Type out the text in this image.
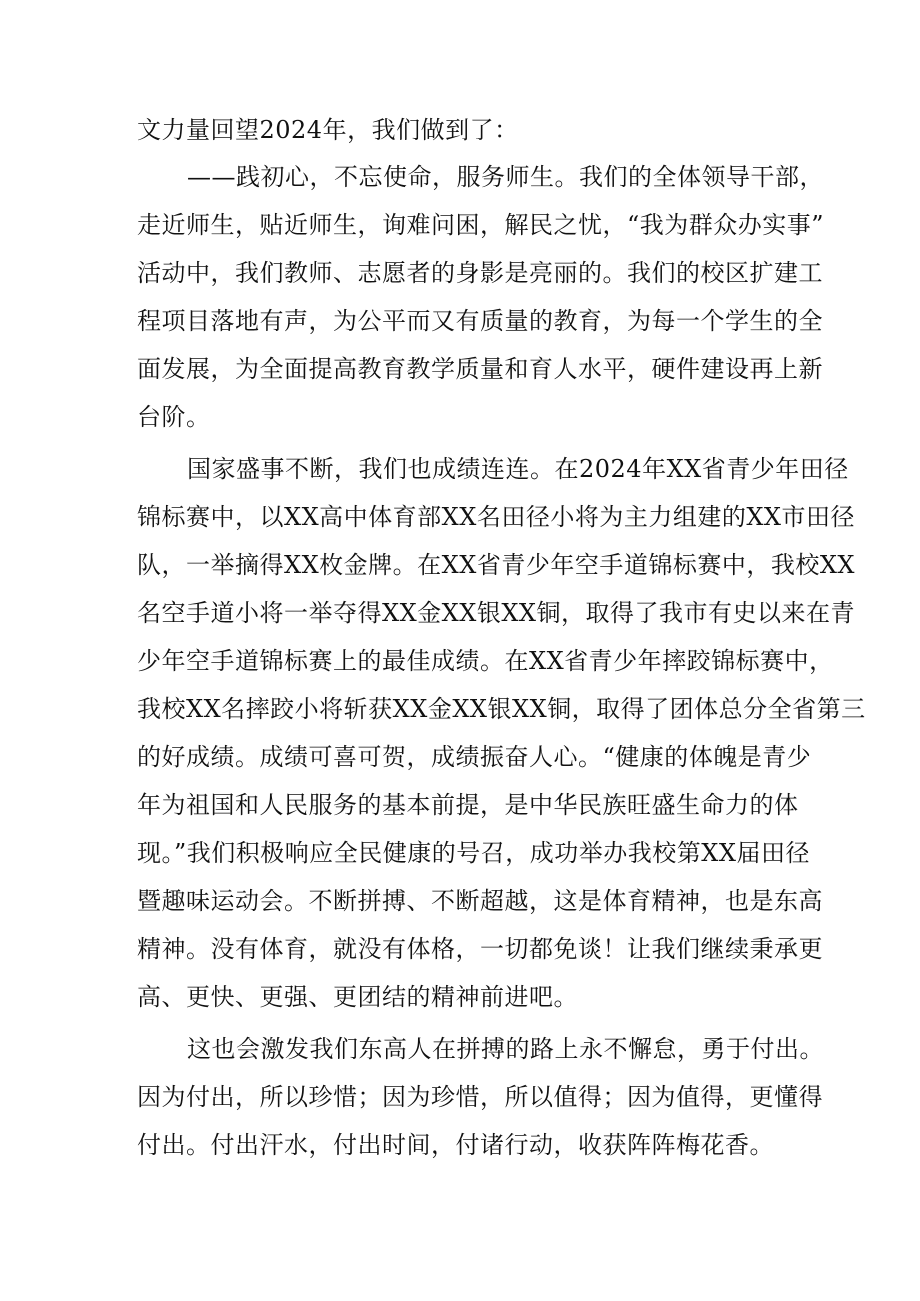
文力量回望2024年，我们做到了：
——践初心，不忘使命，服务师生。我们的全体领导干部，
走近师生，贴近师生，询难问困，解民之忧，“我为群众办实事”
活动中，我们教师、志愿者的身影是亮丽的。我们的校区扩建工
程项目落地有声，为公平而又有质量的教育，为每一个学生的全
面发展，为全面提高教育教学质量和育人水平，硬件建设再上新
台阶。
国家盛事不断，我们也成绩连连。在2024年XX省青少年田径
锦标赛中，以XX高中体育部XX名田径小将为主力组建的XX市田径
队，一举摘得XX枚金牌。在XX省青少年空手道锦标赛中，我校XX
名空手道小将一举夺得XX金XX银XX铜，取得了我市有史以来在青
少年空手道锦标赛上的最佳成绩。在XX省青少年摔跤锦标赛中，
我校XX名摔跤小将斩获XX金XX银XX铜，取得了团体总分全省第三
的好成绩。成绩可喜可贺，成绩振奋人心。“健康的体魄是青少
年为祖国和人民服务的基本前提，是中华民族旺盛生命力的体
现。”我们积极响应全民健康的号召，成功举办我校第XX届田径
暨趣味运动会。不断拼搏、不断超越，这是体育精神，也是东高
精神。没有体育，就没有体格，一切都免谈！让我们继续秉承更
高、更快、更强、更团结的精神前进吧。
这也会激发我们东高人在拼搏的路上永不懈怠，勇于付出。
因为付出，所以珍惜；因为珍惜，所以值得；因为值得，更懂得
付出。付出汗水，付出时间，付诸行动，收获阵阵梅花香。
